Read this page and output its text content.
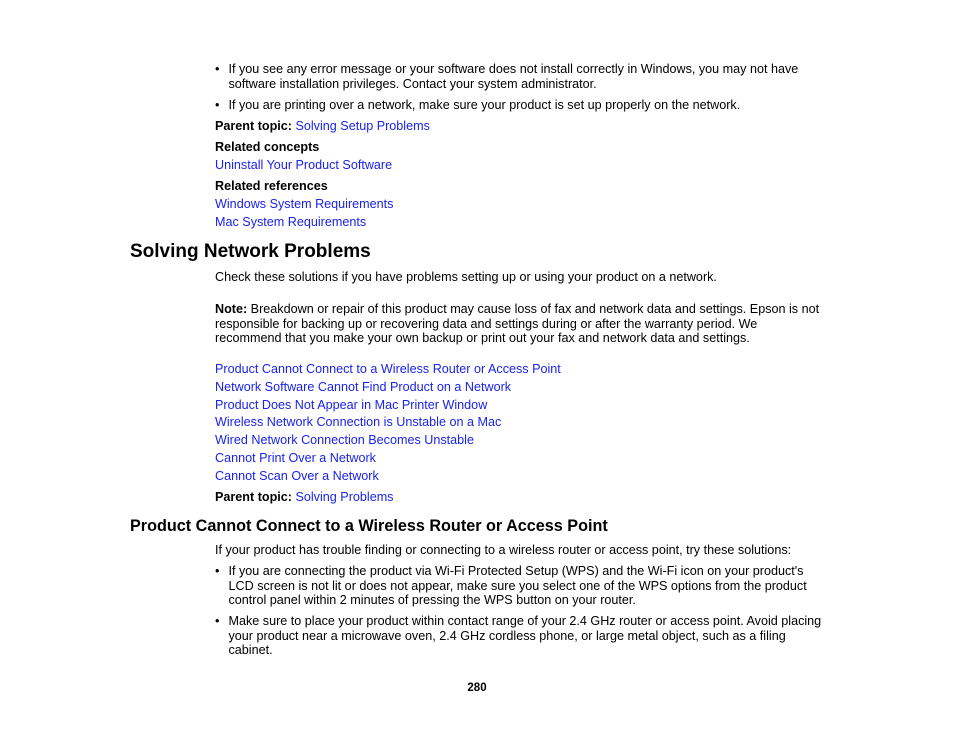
• If you see any error message or your software does not install correctly in Windows, you may not have software installation privileges. Contact your system administrator.
• If you are printing over a network, make sure your product is set up properly on the network.
Parent topic: Solving Setup Problems
Related concepts
Uninstall Your Product Software
Related references
Windows System Requirements
Mac System Requirements
Solving Network Problems
Check these solutions if you have problems setting up or using your product on a network.
Note: Breakdown or repair of this product may cause loss of fax and network data and settings. Epson is not responsible for backing up or recovering data and settings during or after the warranty period. We recommend that you make your own backup or print out your fax and network data and settings.
Product Cannot Connect to a Wireless Router or Access Point
Network Software Cannot Find Product on a Network
Product Does Not Appear in Mac Printer Window
Wireless Network Connection is Unstable on a Mac
Wired Network Connection Becomes Unstable
Cannot Print Over a Network
Cannot Scan Over a Network
Parent topic: Solving Problems
Product Cannot Connect to a Wireless Router or Access Point
If your product has trouble finding or connecting to a wireless router or access point, try these solutions:
• If you are connecting the product via Wi-Fi Protected Setup (WPS) and the Wi-Fi icon on your product's LCD screen is not lit or does not appear, make sure you select one of the WPS options from the product control panel within 2 minutes of pressing the WPS button on your router.
• Make sure to place your product within contact range of your 2.4 GHz router or access point. Avoid placing your product near a microwave oven, 2.4 GHz cordless phone, or large metal object, such as a filing cabinet.
280
